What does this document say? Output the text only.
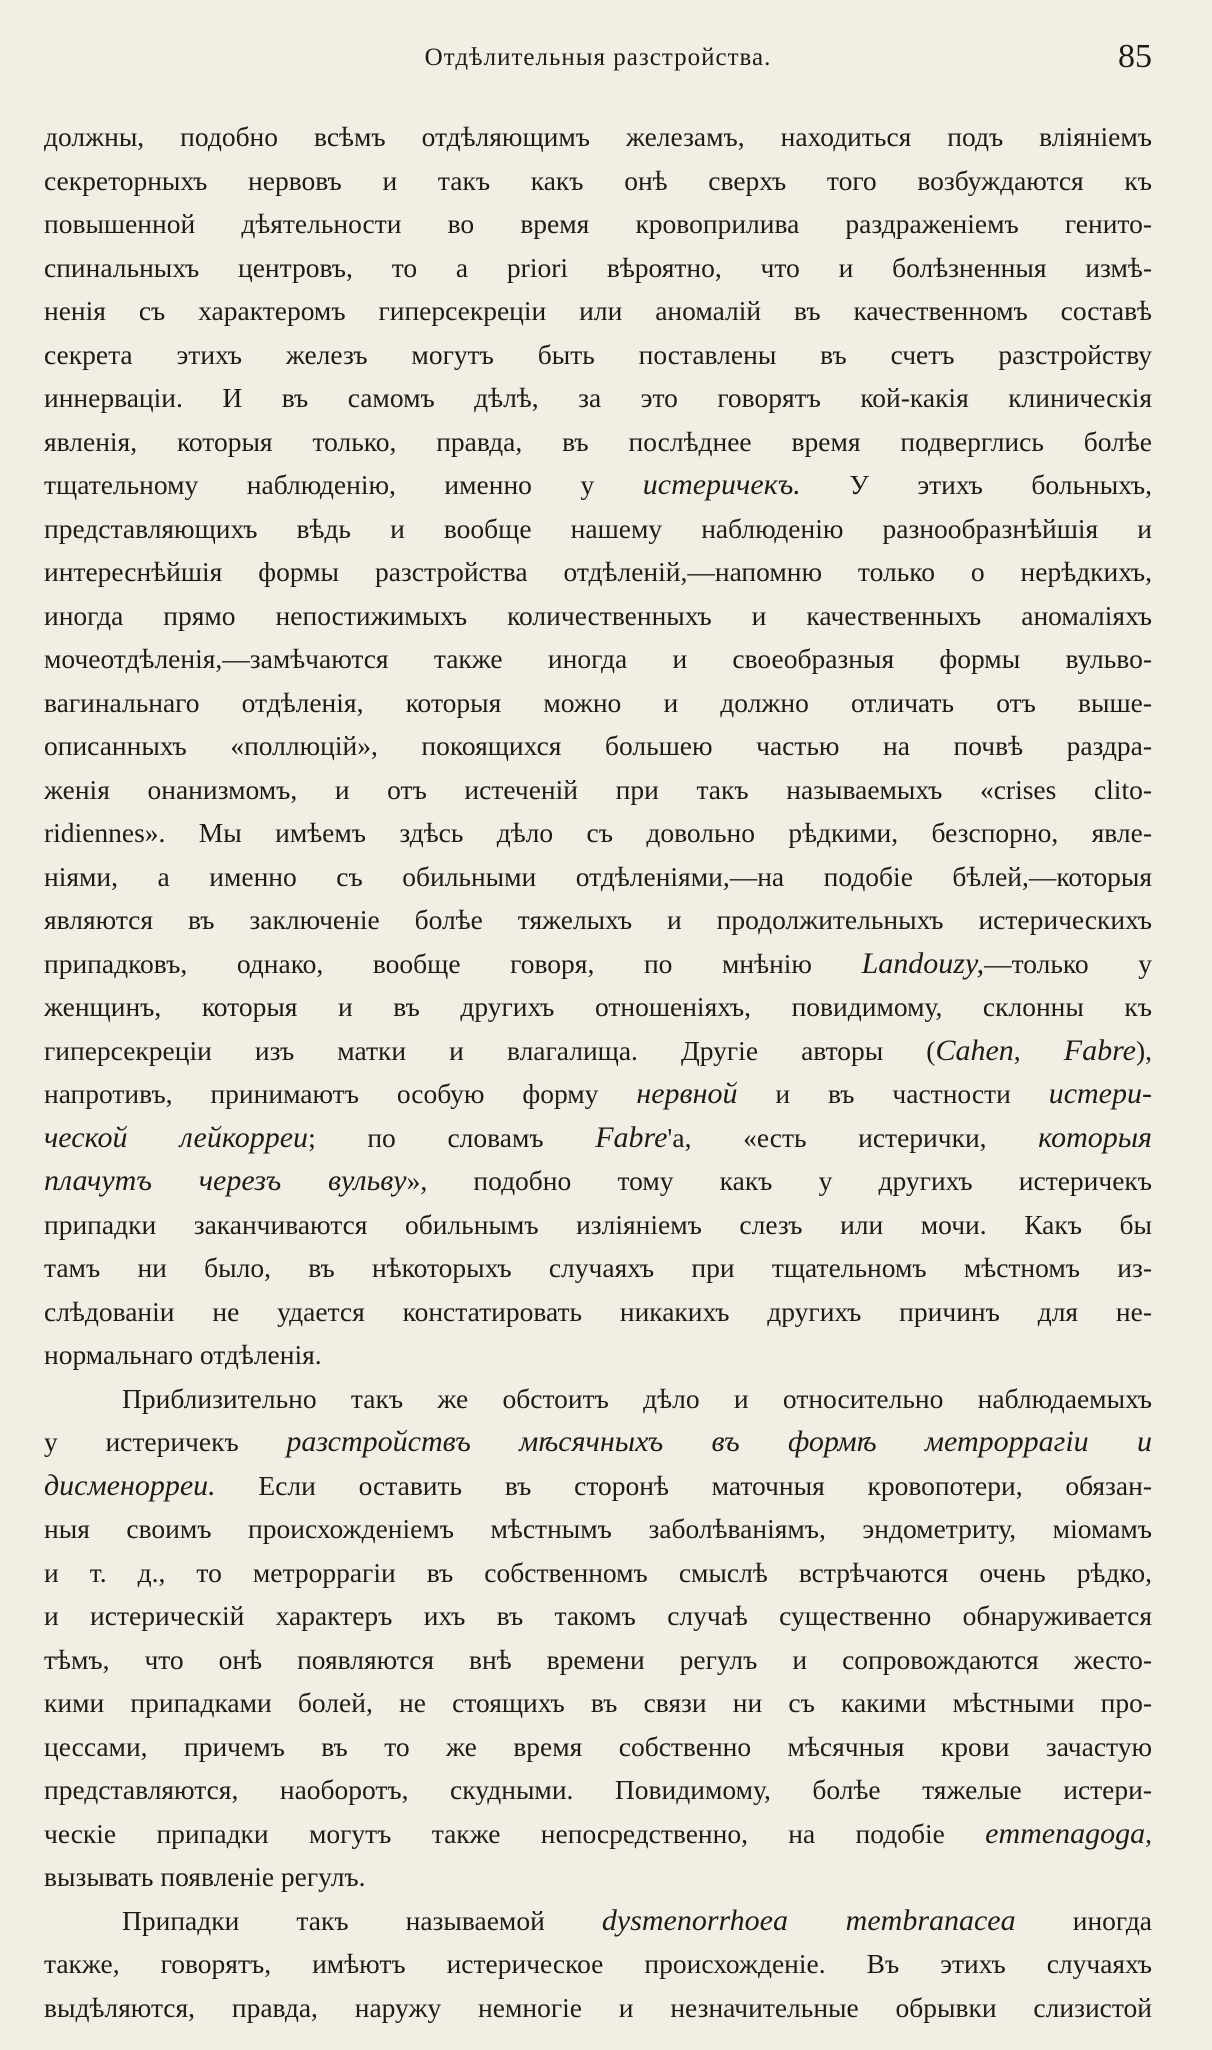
Отдѣлительныя разстройства.	85
должны, подобно всѣмъ отдѣляющимъ железамъ, находиться подъ вліяніемъ
секреторныхъ нервовъ и такъ какъ онѣ сверхъ того возбуждаются къ
повышенной дѣятельности во время кровоприлива раздраженіемъ генито-
спинальныхъ центровъ, то a priori вѣроятно, что и болѣзненныя измѣ-
ненія съ характеромъ гиперсекреціи или аномалій въ качественномъ составѣ
секрета этихъ железъ могутъ быть поставлены въ счетъ разстройству
иннерваціи. И въ самомъ дѣлѣ, за это говорятъ кой-какія клиническія
явленія, которыя только, правда, въ послѣднее время подверглись болѣе
тщательному наблюденію, именно у истеричекъ. У этихъ больныхъ,
представляющихъ вѣдь и вообще нашему наблюденію разнообразнѣйшія и
интереснѣйшія формы разстройства отдѣленій,—напомню только о нерѣдкихъ,
иногда прямо непостижимыхъ количественныхъ и качественныхъ аномаліяхъ
мочеотдѣленія,—замѣчаются также иногда и своеобразныя формы вульво-
вагинальнаго отдѣленія, которыя можно и должно отличать отъ выше-
описанныхъ «поллюцій», покоящихся большею частью на почвѣ раздра-
женія онанизмомъ, и отъ истеченій при такъ называемыхъ «crises clito-
ridiennes». Мы имѣемъ здѣсь дѣло съ довольно рѣдкими, безспорно, явле-
ніями, а именно съ обильными отдѣленіями,—на подобіе бѣлей,—которыя
являются въ заключеніе болѣе тяжелыхъ и продолжительныхъ истерическихъ
припадковъ, однако, вообще говоря, по мнѣнію Landouzy,—только у
женщинъ, которыя и въ другихъ отношеніяхъ, повидимому, склонны къ
гиперсекреціи изъ матки и влагалища. Другіе авторы (Cahen, Fabre),
напротивъ, принимаютъ особую форму нервной и въ частности истери-
ческой лейкорреи; по словамъ Fabre'а, «есть истерички, которыя
плачутъ черезъ вульву», подобно тому какъ у другихъ истеричекъ
припадки заканчиваются обильнымъ изліяніемъ слезъ или мочи. Какъ бы
тамъ ни было, въ нѣкоторыхъ случаяхъ при тщательномъ мѣстномъ из-
слѣдованіи не удается констатировать никакихъ другихъ причинъ для не-
нормальнаго отдѣленія.
Приблизительно такъ же обстоитъ дѣло и относительно наблюдаемыхъ
у истеричекъ разстройствъ мѣсячныхъ въ формѣ метроррагіи и
дисменорреи. Если оставить въ сторонѣ маточныя кровопотери, обязан-
ныя своимъ происхожденіемъ мѣстнымъ заболѣваніямъ, эндометриту, міомамъ
и т. д., то метроррагіи въ собственномъ смыслѣ встрѣчаются очень рѣдко,
и истерическій характеръ ихъ въ такомъ случаѣ существенно обнаруживается
тѣмъ, что онѣ появляются внѣ времени регулъ и сопровождаются жесто-
кими припадками болей, не стоящихъ въ связи ни съ какими мѣстными про-
цессами, причемъ въ то же время собственно мѣсячныя крови зачастую
представляются, наоборотъ, скудными. Повидимому, болѣе тяжелые истери-
ческіе припадки могутъ также непосредственно, на подобіе emmenagoga,
вызывать появленіе регулъ.
Припадки такъ называемой dysmenorrhoea membranacea иногда
также, говорятъ, имѣютъ истерическое происхожденіе. Въ этихъ случаяхъ
выдѣляются, правда, наружу немногіе и незначительные обрывки слизистой
